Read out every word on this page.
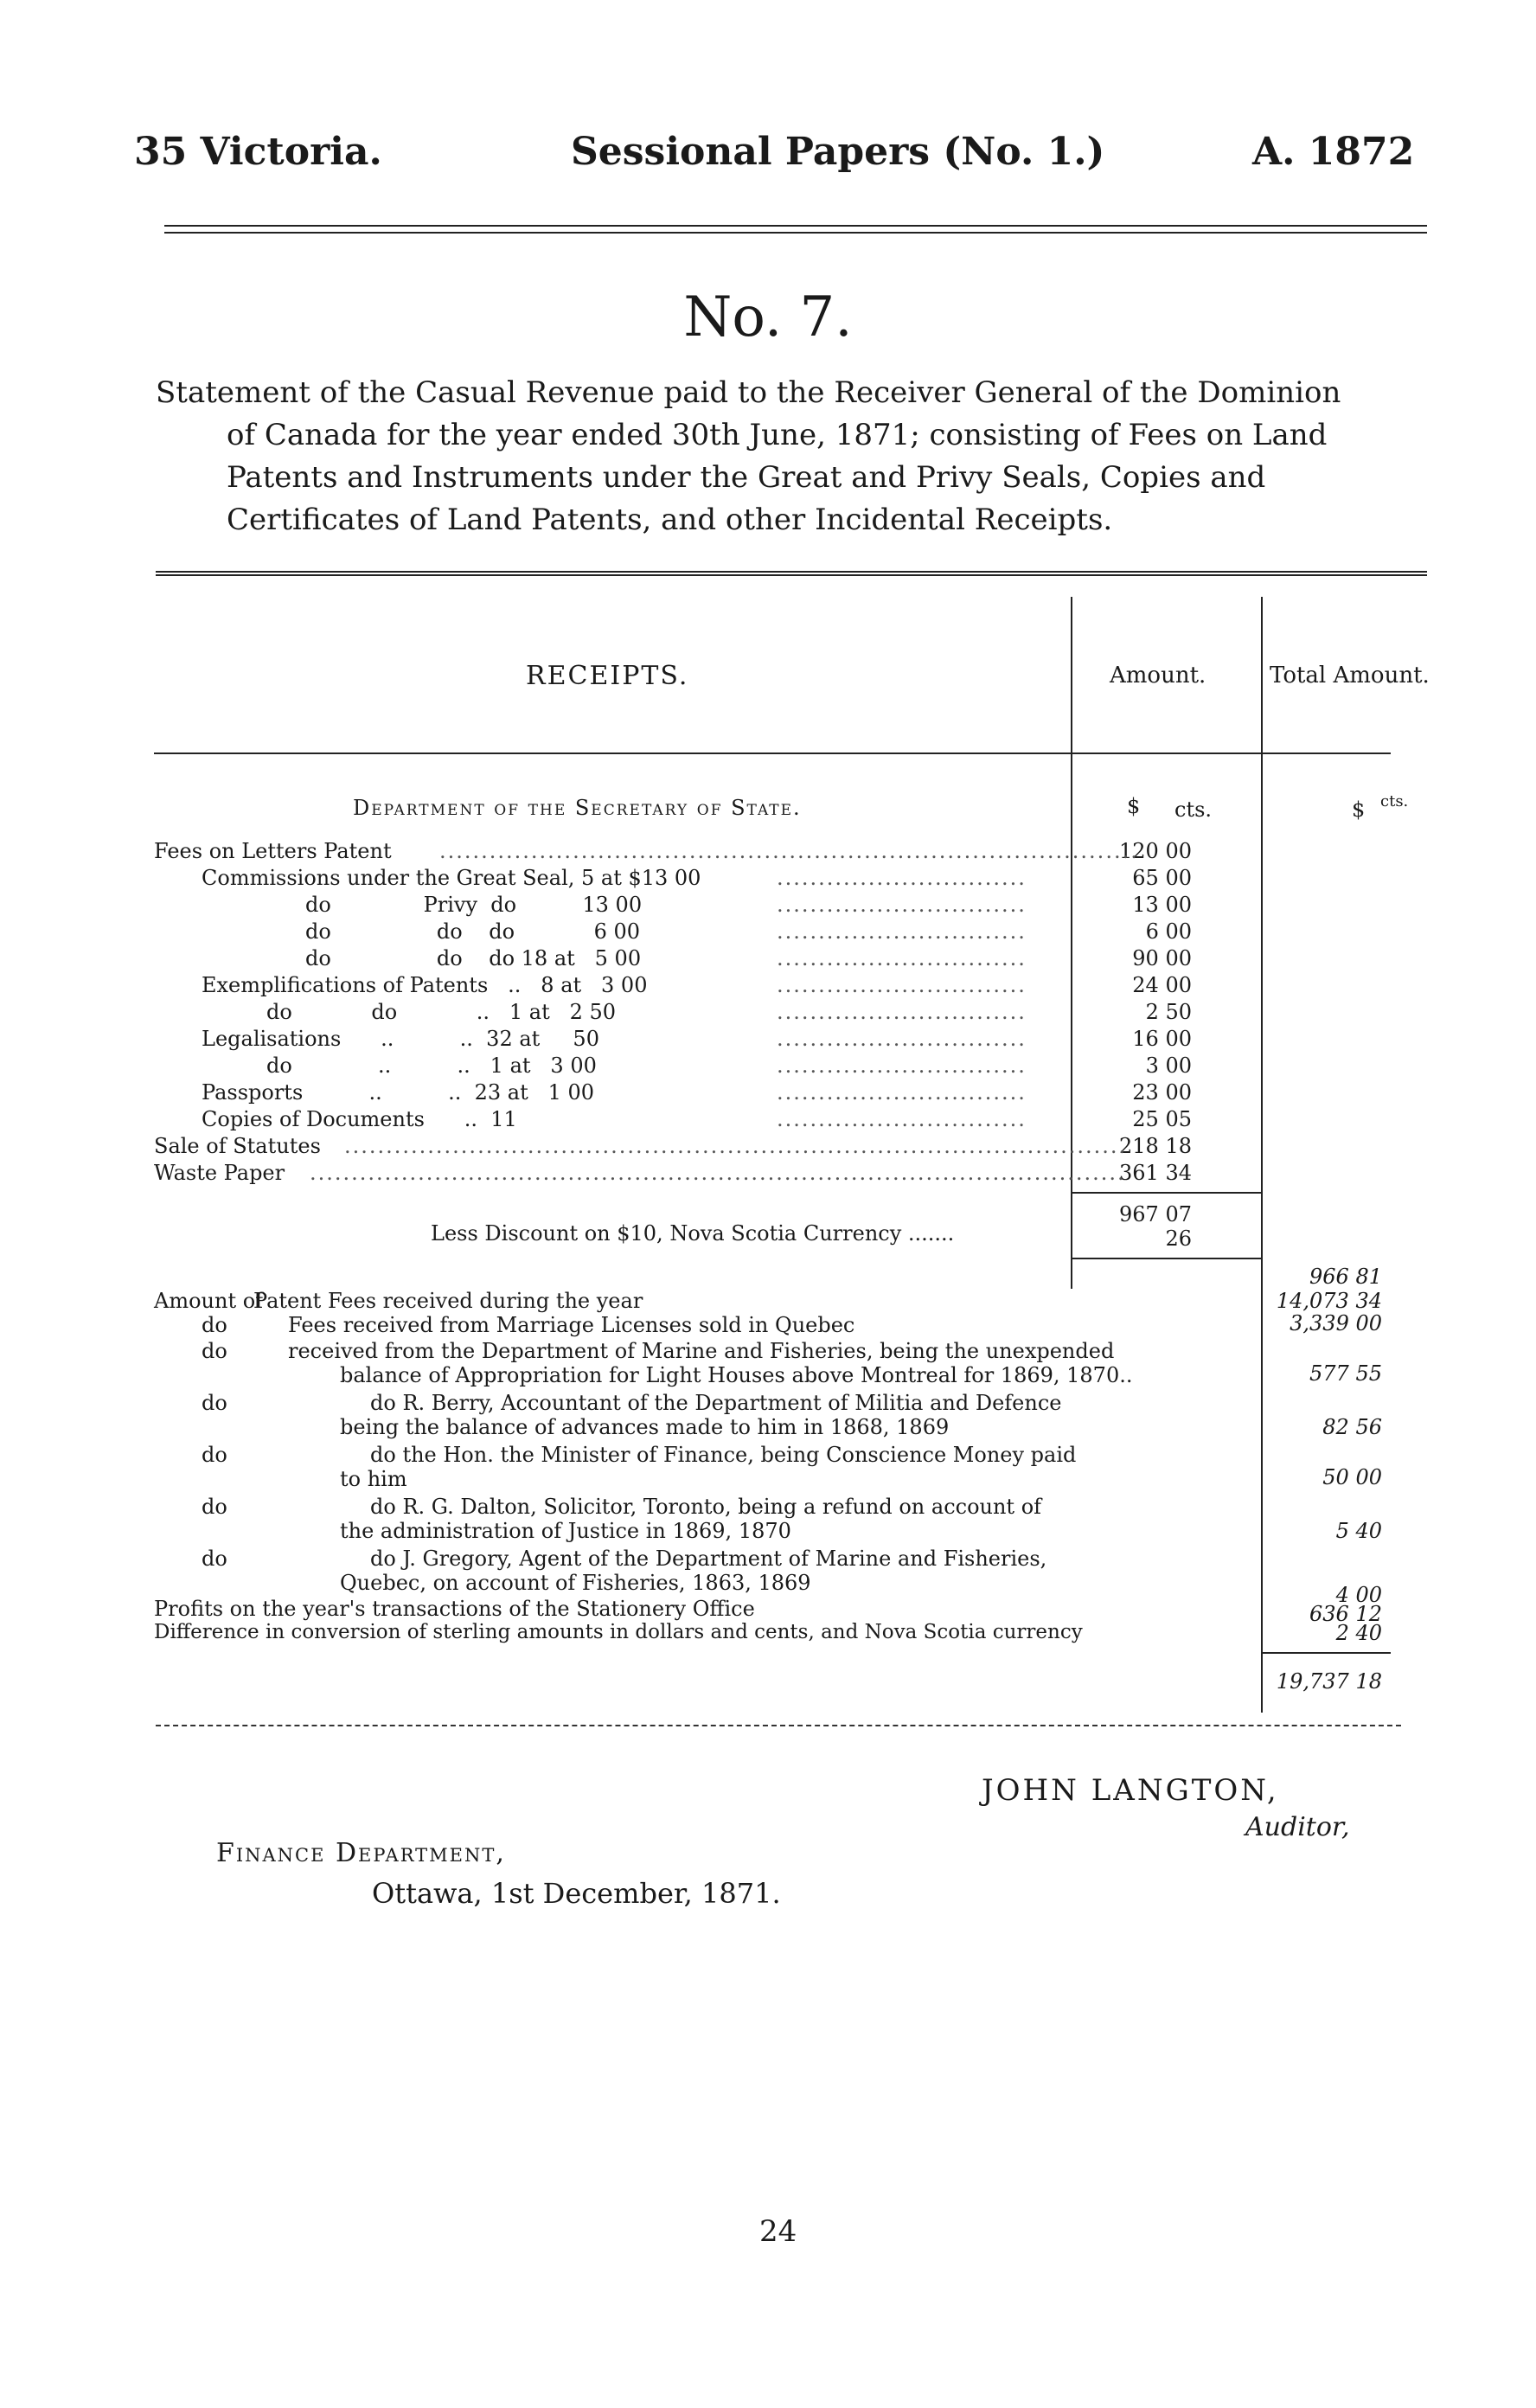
35 Victoria.	Sessional Papers (No. 1.)	A. 1872
No. 7.
Statement of the Casual Revenue paid to the Receiver General of the Dominion
of Canada for the year ended 30th June, 1871; consisting of Fees on Land
Patents and Instruments under the Great and Privy Seals, Copies and
Certificates of Land Patents, and other Incidental Receipts.
RECEIPTS.	Amount.	Total Amount.
Department of the Secretary of State.	$ cts.	$ cts.
Fees on Letters Patent	120 00
Commissions under the Great Seal, 5 at $13 00	65 00
do              Privy  do          13 00	13 00
do                do    do            6 00	6 00
do                do    do 18 at   5 00	90 00
Exemplifications of Patents   ..   8 at   3 00	24 00
do            do            ..   1 at   2 50	2 50
Legalisations      ..          ..  32 at     50	16 00
do             ..          ..   1 at   3 00	3 00
Passports          ..          ..  23 at   1 00	23 00
Copies of Documents      ..  11	25 05
Sale of Statutes	218 18
Waste Paper	361 34
....................................................................................
..............................
..............................
..............................
..............................
..............................
..............................
..............................
..............................
..............................
..............................
..............................................................................................
..................................................................................................
967 07
Less Discount on $10, Nova Scotia Currency .......	26
966 81
Amount of
Patent Fees received during the year	14,073 34
do	Fees received from Marriage Licenses sold in Quebec	3,339 00
do	received from the Department of Marine and Fisheries, being the unexpended
balance of Appropriation for Light Houses above Montreal for 1869, 1870..	577 55
do	do R. Berry, Accountant of the Department of Militia and Defence
being the balance of advances made to him in 1868, 1869	82 56
do	do the Hon. the Minister of Finance, being Conscience Money paid
to him	50 00
do	do R. G. Dalton, Solicitor, Toronto, being a refund on account of
the administration of Justice in 1869, 1870	5 40
do	do J. Gregory, Agent of the Department of Marine and Fisheries,
Quebec, on account of Fisheries, 1863, 1869	4 00
Profits on the year's transactions of the Stationery Office	636 12
Difference in conversion of sterling amounts in dollars and cents, and Nova Scotia currency	2 40
19,737 18
JOHN LANGTON,
Auditor,
Finance Department,
Ottawa, 1st December, 1871.
24
